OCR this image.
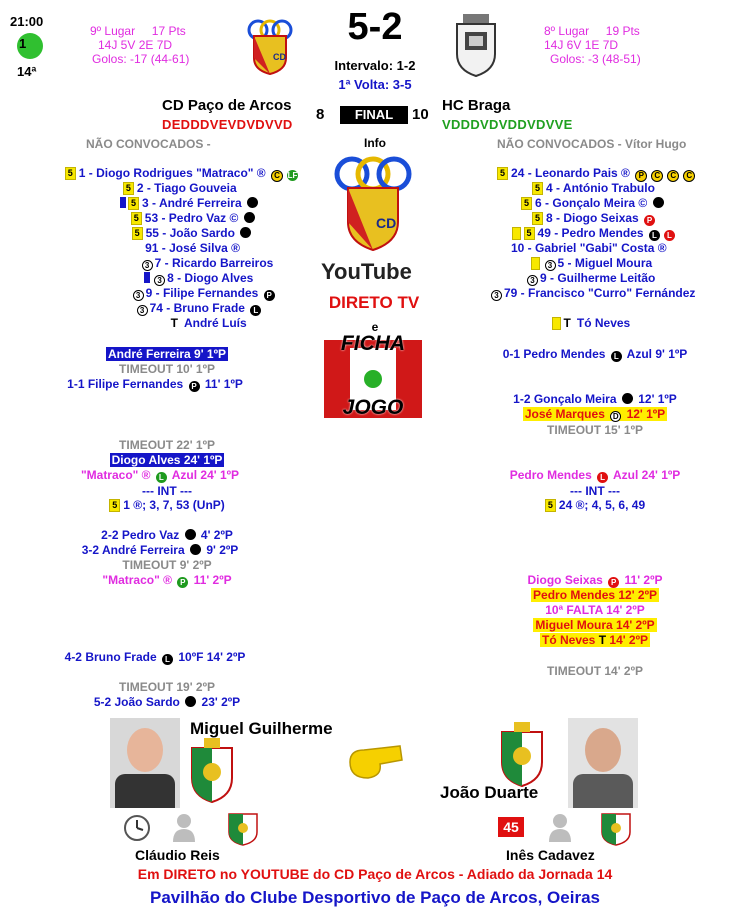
21:00
1
14ª
9º Lugar 17 Pts
14J 5V 2E 7D
Golos: -17 (44-61)	CD
5-2
Intervalo: 1-2
1ª Volta: 3-5
8º Lugar 19 Pts
14J 6V 1E 7D
Golos: -3 (48-51)
CD Paço de Arcos
DEDDDVEVDVDVVD
8	FINAL	10
HC Braga
VDDDVDVDDVDVVE
NÃO CONVOCADOS -	NÃO CONVOCADOS - Vítor Hugo
Info
CD
YouTube
DIRETO TV
e
FICHA
JOGO
5 1 - Diogo Rodrigues "Matraco" ® C LF
5 2 - Tiago Gouveia
5 3 - André Ferreira
5 53 - Pedro Vaz ©
5 55 - João Sardo
91 - José Silva ®
3 7 - Ricardo Barreiros
3 8 - Diogo Alves
3 9 - Filipe Fernandes P
3 74 - Bruno Frade L
T André Luís
5 24 - Leonardo Pais ® P C C C
5 4 - António Trabulo
5 6 - Gonçalo Meira ©
5 8 - Diogo Seixas P
5 49 - Pedro Mendes L L
10 - Gabriel "Gabi" Costa ®
3 5 - Miguel Moura
3 9 - Guilherme Leitão
3 79 - Francisco "Curro" Fernández
T Tó Neves
André Ferreira 9' 1ºP
TIMEOUT 10' 1ºP
1-1 Filipe Fernandes P 11' 1ºP
TIMEOUT 22' 1ºP
Diogo Alves 24' 1ºP
"Matraco" ® L Azul 24' 1ºP
--- INT ---
5 1 ®; 3, 7, 53 (UnP)
2-2 Pedro Vaz 4' 2ºP
3-2 André Ferreira 9' 2ºP
TIMEOUT 9' 2ºP
"Matraco" ® P 11' 2ºP
4-2 Bruno Frade L 10ºF 14' 2ºP
TIMEOUT 19' 2ºP
5-2 João Sardo 23' 2ºP
0-1 Pedro Mendes L Azul 9' 1ºP
1-2 Gonçalo Meira 12' 1ºP
José Marques D 12' 1ºP
TIMEOUT 15' 1ºP
Pedro Mendes L Azul 24' 1ºP
--- INT ---
5 24 ®; 4, 5, 6, 49
Diogo Seixas P 11' 2ºP
Pedro Mendes 12' 2ºP
10ª FALTA 14' 2ºP
Miguel Moura 14' 2ºP
Tó Neves T 14' 2ºP
TIMEOUT 14' 2ºP
Miguel Guilherme
João Duarte
Cláudio Reis
45
Inês Cadavez
Em DIRETO no YOUTUBE do CD Paço de Arcos - Adiado da Jornada 14
Pavilhão do Clube Desportivo de Paço de Arcos, Oeiras
